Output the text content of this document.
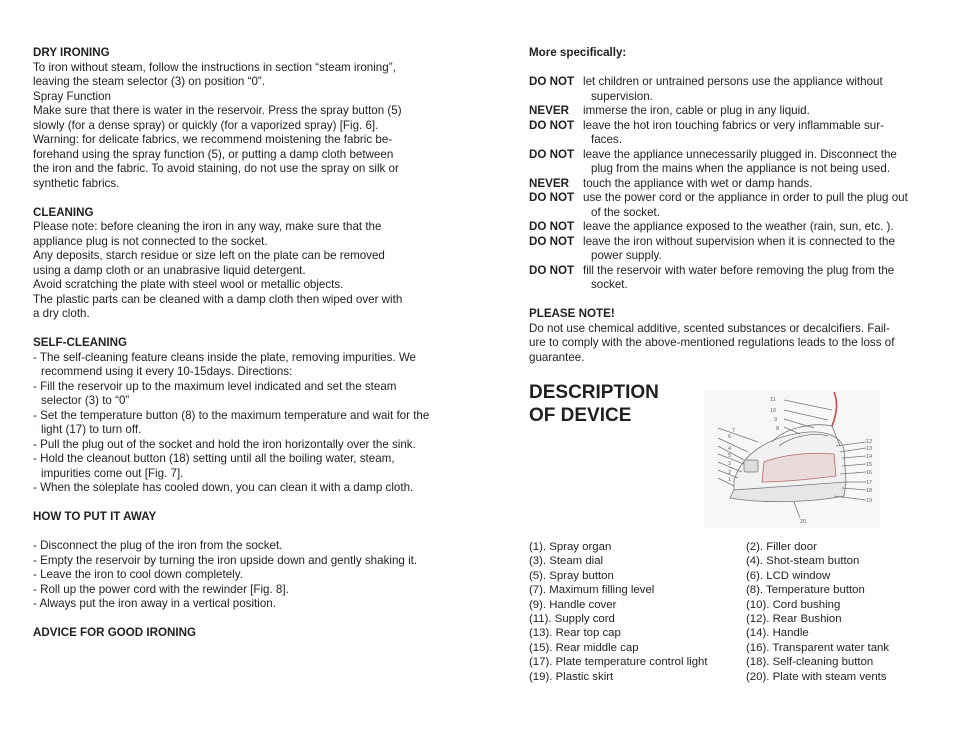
DRY IRONING

To iron without steam, follow the instructions in section “steam ironing”,

leaving the steam selector (3) on position “0”.

Spray Function

Make sure that there is water in the reservoir. Press the spray button (5)

slowly (for a dense spray) or quickly (for a vaporized spray) [Fig. 6].

Warning: for delicate fabrics, we recommend moistening the fabric be-

forehand using the spray function (5), or putting a damp cloth between

the iron and the fabric. To avoid staining, do not use the spray on silk or

synthetic fabrics.

CLEANING

Please note: before cleaning the iron in any way, make sure that the

appliance plug is not connected to the socket.

Any deposits, starch residue or size left on the plate can be removed

using a damp cloth or an unabrasive liquid detergent.

Avoid scratching the plate with steel wool or metallic objects.

The plastic parts can be cleaned with a damp cloth then wiped over with

a dry cloth.

SELF-CLEANING

- The self-cleaning feature cleans inside the plate, removing impurities. We recommend using it every 10-15days. Directions:

- Fill the reservoir up to the maximum level indicated and set the steam selector (3) to “0”

- Set the temperature button (8) to the maximum temperature and wait for the light (17) to turn off.

- Pull the plug out of the socket and hold the iron horizontally over the sink.

- Hold the cleanout button (18) setting until all the boiling water, steam, impurities come out [Fig. 7].

- When the soleplate has cooled down, you can clean it with a damp cloth.

HOW TO PUT IT AWAY

- Disconnect the plug of the iron from the socket.

- Empty the reservoir by turning the iron upside down and gently shaking it.

- Leave the iron to cool down completely.

- Roll up the power cord with the rewinder [Fig. 8].

- Always put the iron away in a vertical position.

ADVICE FOR GOOD IRONING
More specifically:

DO NOT let children or untrained persons use the appliance without
supervision.
NEVER	immerse the iron, cable or plug in any liquid.
DO NOT leave the hot iron touching fabrics or very inflammable sur-
faces.
DO NOT leave the appliance unnecessarily plugged in. Disconnect the
plug from the mains when the appliance is not being used.
NEVER	touch the appliance with wet or damp hands.
DO NOT use the power cord or the appliance in order to pull the plug out
of the socket.
DO NOT leave the appliance exposed to the weather (rain, sun, etc. ).
DO NOT leave the iron without supervision when it is connected to the
power supply.
DO NOT fill the reservoir with water before removing the plug from the
socket.
PLEASE NOTE!

Do not use chemical additive, scented substances or decalcifiers. Fail-

ure to comply with the above-mentioned regulations leads to the loss of

guarantee.

DESCRIPTION
OF DEVICE
1
2
3
4
5
6
7	8
9
10
11
12
13
14
15
16
17
18
19
20
(1). Spray organ	(2). Filler door
(3). Steam dial	(4). Shot-steam button
(5). Spray button	(6). LCD window
(7). Maximum filling level	(8). Temperature button
(9). Handle cover	(10). Cord bushing
(11). Supply cord	(12). Rear Bushion
(13). Rear top cap	(14). Handle
(15). Rear middle cap	(16). Transparent water tank
(17). Plate temperature control light	(18). Self-cleaning button
(19). Plastic skirt	(20). Plate with steam vents
